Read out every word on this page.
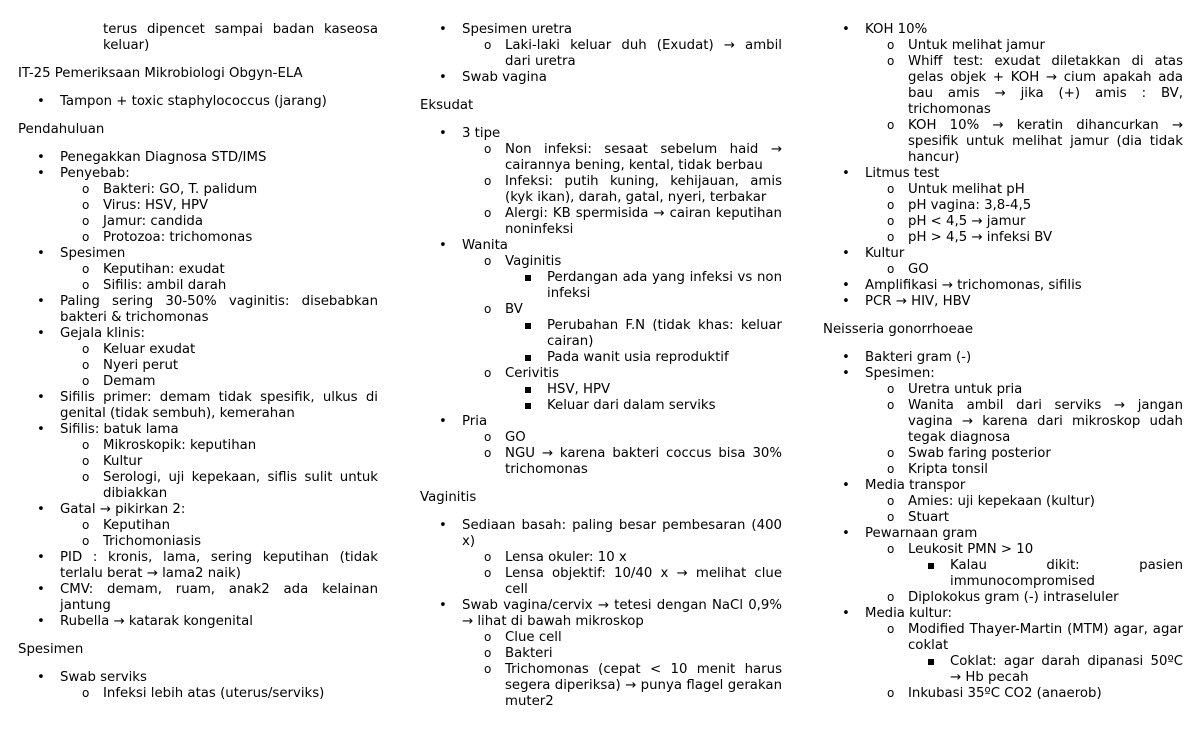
terus dipencet sampai badan kaseosa keluar)
IT-25 Pemeriksaan Mikrobiologi Obgyn-ELA
• Tampon + toxic staphylococcus (jarang)
Pendahuluan
• Penegakkan Diagnosa STD/IMS
• Penyebab:
o Bakteri: GO, T. palidum
o Virus: HSV, HPV
o Jamur: candida
o Protozoa: trichomonas
• Spesimen
o Keputihan: exudat
o Sifilis: ambil darah
• Paling sering 30-50% vaginitis: disebabkan bakteri & trichomonas
• Gejala klinis:
o Keluar exudat
o Nyeri perut
o Demam
• Sifilis primer: demam tidak spesifik, ulkus di genital (tidak sembuh), kemerahan
• Sifilis: batuk lama
o Mikroskopik: keputihan
o Kultur
o Serologi, uji kepekaan, siflis sulit untuk dibiakkan
• Gatal → pikirkan 2:
o Keputihan
o Trichomoniasis
• PID : kronis, lama, sering keputihan (tidak terlalu berat → lama2 naik)
• CMV: demam, ruam, anak2 ada kelainan jantung
• Rubella → katarak kongenital
Spesimen
• Swab serviks
o Infeksi lebih atas (uterus/serviks)
• Spesimen uretra
o Laki-laki keluar duh (Exudat) → ambil dari uretra
• Swab vagina
Eksudat
• 3 tipe
o Non infeksi: sesaat sebelum haid → cairannya bening, kental, tidak berbau
o Infeksi: putih kuning, kehijauan, amis (kyk ikan), darah, gatal, nyeri, terbakar
o Alergi: KB spermisida → cairan keputihan noninfeksi
• Wanita
o Vaginitis
Perdangan ada yang infeksi vs non infeksi
o BV
Perubahan F.N (tidak khas: keluar cairan)
Pada wanit usia reproduktif
o Cerivitis
HSV, HPV
Keluar dari dalam serviks
• Pria
o GO
o NGU → karena bakteri coccus bisa 30% trichomonas
Vaginitis
• Sediaan basah: paling besar pembesaran (400 x)
o Lensa okuler: 10 x
o Lensa objektif: 10/40 x → melihat clue cell
• Swab vagina/cervix → tetesi dengan NaCl 0,9% → lihat di bawah mikroskop
o Clue cell
o Bakteri
o Trichomonas (cepat < 10 menit harus segera diperiksa) → punya flagel gerakan muter2
• KOH 10%
o Untuk melihat jamur
o Whiff test: exudat diletakkan di atas gelas objek + KOH → cium apakah ada bau amis → jika (+) amis : BV, trichomonas
o KOH 10% → keratin dihancurkan → spesifik untuk melihat jamur (dia tidak hancur)
• Litmus test
o Untuk melihat pH
o pH vagina: 3,8-4,5
o pH < 4,5 → jamur
o pH > 4,5 → infeksi BV
• Kultur
o GO
• Amplifikasi → trichomonas, sifilis
• PCR → HIV, HBV
Neisseria gonorrhoeae
• Bakteri gram (-)
• Spesimen:
o Uretra untuk pria
o Wanita ambil dari serviks → jangan vagina → karena dari mikroskop udah tegak diagnosa
o Swab faring posterior
o Kripta tonsil
• Media transpor
o Amies: uji kepekaan (kultur)
o Stuart
• Pewarnaan gram
o Leukosit PMN > 10
Kalau dikit: pasien immunocompromised
o Diplokokus gram (-) intraseluler
• Media kultur:
o Modified Thayer-Martin (MTM) agar, agar coklat
Coklat: agar darah dipanasi 50ºC → Hb pecah
o Inkubasi 35ºC CO2 (anaerob)
